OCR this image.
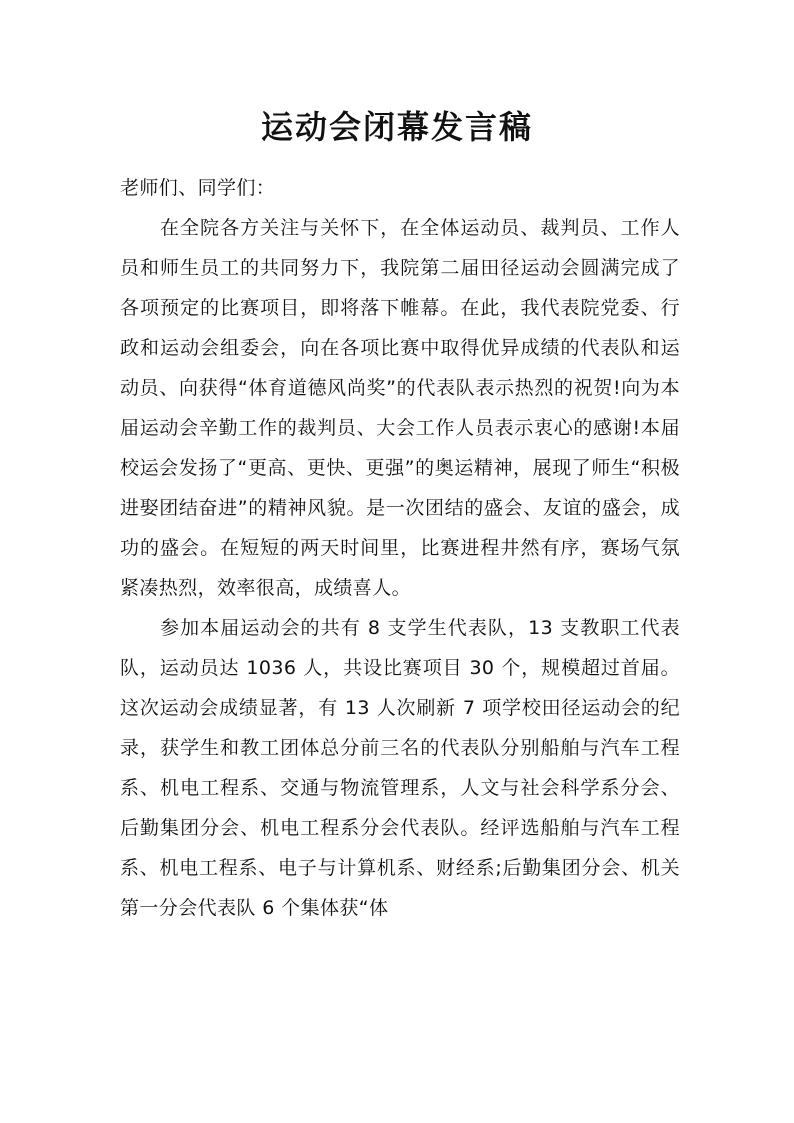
运动会闭幕发言稿

老师们、同学们：

在全院各方关注与关怀下，在全体运动员、裁判员、工作人员和师生员工的共同努力下，我院第二届田径运动会圆满完成了各项预定的比赛项目，即将落下帷幕。在此，我代表院党委、行政和运动会组委会，向在各项比赛中取得优异成绩的代表队和运动员、向获得“体育道德风尚奖”的代表队表示热烈的祝贺!向为本届运动会辛勤工作的裁判员、大会工作人员表示衷心的感谢!本届校运会发扬了“更高、更快、更强”的奥运精神，展现了师生“积极进娶团结奋进”的精神风貌。是一次团结的盛会、友谊的盛会，成功的盛会。在短短的两天时间里，比赛进程井然有序，赛场气氛紧凑热烈，效率很高，成绩喜人。

参加本届运动会的共有 8 支学生代表队，13 支教职工代表队，运动员达 1036 人，共设比赛项目 30 个，规模超过首届。这次运动会成绩显著，有 13 人次刷新 7 项学校田径运动会的纪录，获学生和教工团体总分前三名的代表队分别船舶与汽车工程系、机电工程系、交通与物流管理系，人文与社会科学系分会、后勤集团分会、机电工程系分会代表队。经评选船舶与汽车工程系、机电工程系、电子与计算机系、财经系;后勤集团分会、机关第一分会代表队 6 个集体获“体
